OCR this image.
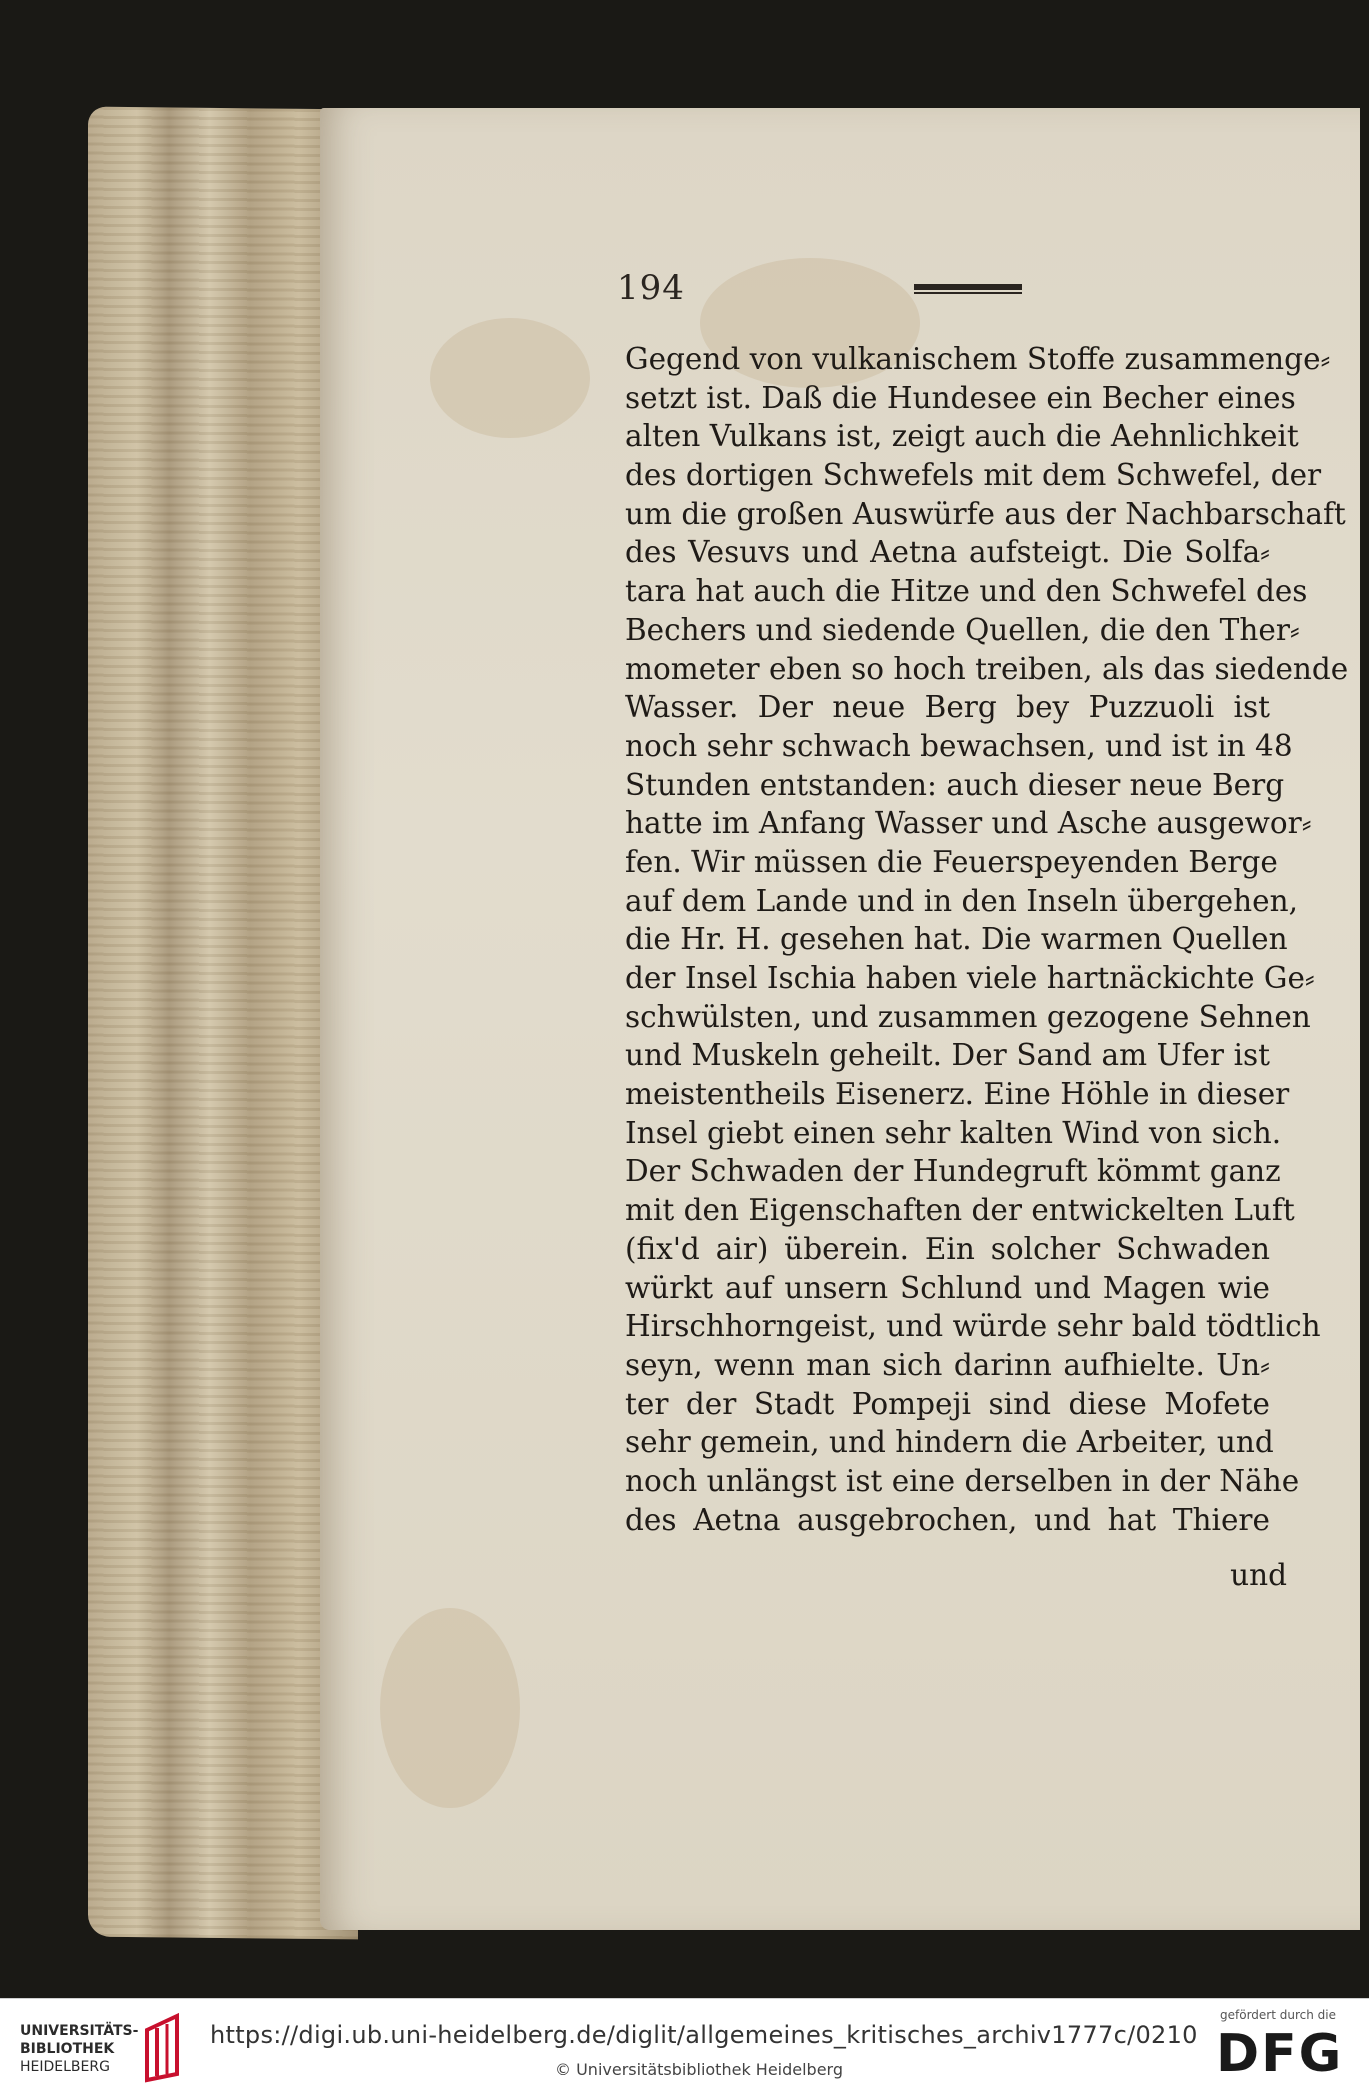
194
Gegend von vulkanischem Stoffe zusammenge⸗
setzt ist. Daß die Hundesee ein Becher eines
alten Vulkans ist, zeigt auch die Aehnlichkeit
des dortigen Schwefels mit dem Schwefel, der
um die großen Auswürfe aus der Nachbarschaft
des Vesuvs und Aetna aufsteigt. Die Solfa⸗
tara hat auch die Hitze und den Schwefel des
Bechers und siedende Quellen, die den Ther⸗
mometer eben so hoch treiben, als das siedende
Wasser. Der neue Berg bey Puzzuoli ist
noch sehr schwach bewachsen, und ist in 48
Stunden entstanden: auch dieser neue Berg
hatte im Anfang Wasser und Asche ausgewor⸗
fen. Wir müssen die Feuerspeyenden Berge
auf dem Lande und in den Inseln übergehen,
die Hr. H. gesehen hat. Die warmen Quellen
der Insel Ischia haben viele hartnäckichte Ge⸗
schwülsten, und zusammen gezogene Sehnen
und Muskeln geheilt. Der Sand am Ufer ist
meistentheils Eisenerz. Eine Höhle in dieser
Insel giebt einen sehr kalten Wind von sich.
Der Schwaden der Hundegruft kömmt ganz
mit den Eigenschaften der entwickelten Luft
(fix'd air) überein. Ein solcher Schwaden
würkt auf unsern Schlund und Magen wie
Hirschhorngeist, und würde sehr bald tödtlich
seyn, wenn man sich darinn aufhielte. Un⸗
ter der Stadt Pompeji sind diese Mofete
sehr gemein, und hindern die Arbeiter, und
noch unlängst ist eine derselben in der Nähe
des Aetna ausgebrochen, und hat Thiere
und
UNIVERSITÄTS-
BIBLIOTHEK
HEIDELBERG
https://digi.ub.uni-heidelberg.de/diglit/allgemeines_kritisches_archiv1777c/0210
© Universitätsbibliothek Heidelberg
gefördert durch die
DFG
